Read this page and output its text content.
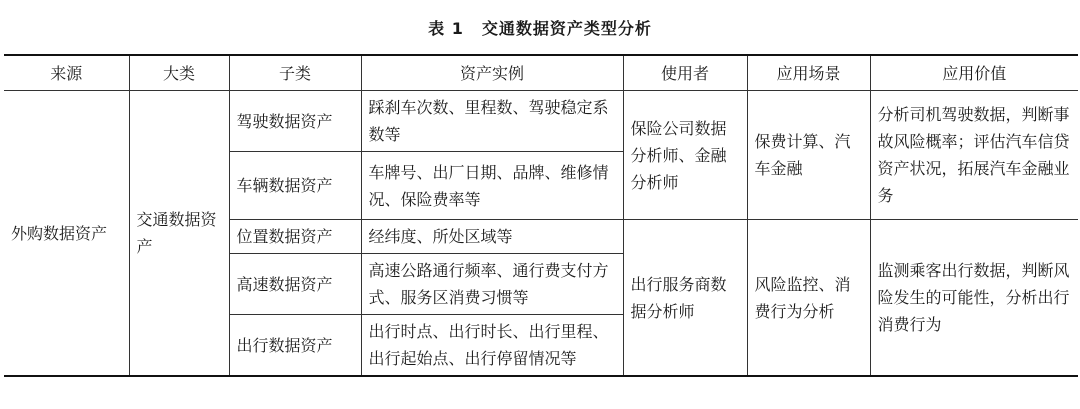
表 1 交通数据资产类型分析
来源	大类	子类	资产实例	使用者	应用场景	应用价值
外购数据资产	交通数据资产	驾驶数据资产	踩刹车次数、里程数、驾驶稳定系数等	保险公司数据分析师、金融分析师	保费计算、汽车金融	分析司机驾驶数据，判断事故风险概率；评估汽车信贷资产状况，拓展汽车金融业务
		车辆数据资产	车牌号、出厂日期、品牌、维修情况、保险费率等			
		位置数据资产	经纬度、所处区域等	出行服务商数据分析师	风险监控、消费行为分析	监测乘客出行数据，判断风险发生的可能性，分析出行消费行为
		高速数据资产	高速公路通行频率、通行费支付方式、服务区消费习惯等			
		出行数据资产	出行时点、出行时长、出行里程、出行起始点、出行停留情况等			
